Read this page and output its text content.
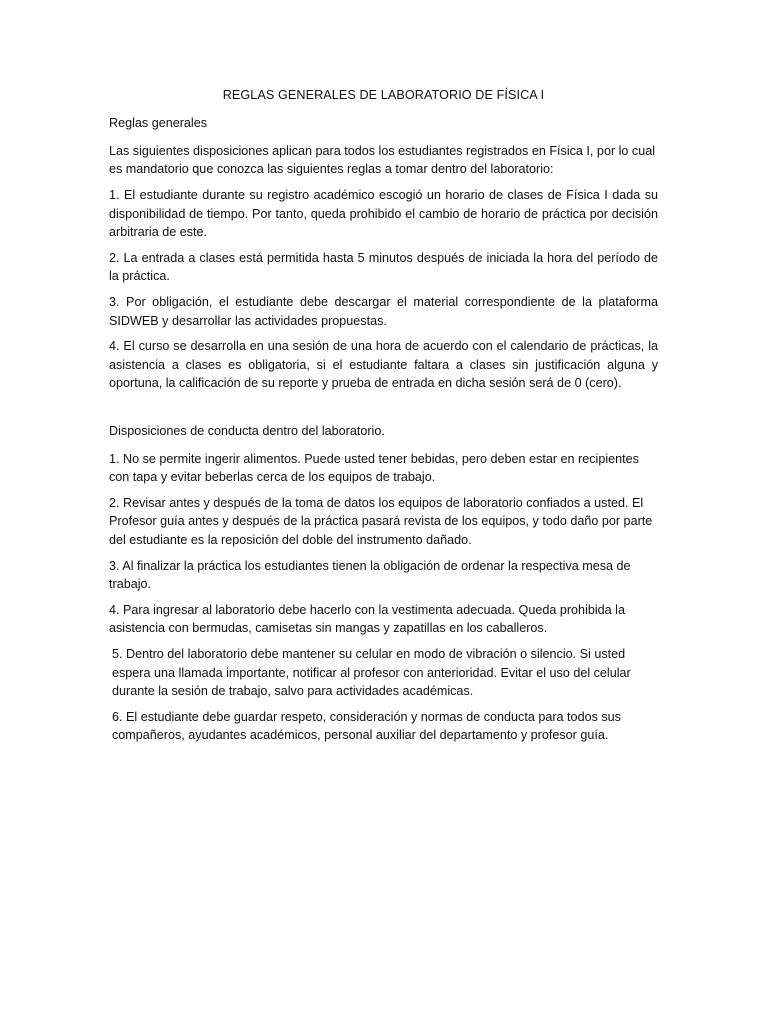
REGLAS GENERALES DE LABORATORIO DE FÍSICA I
Reglas generales

Las siguientes disposiciones aplican para todos los estudiantes registrados en Física I, por lo cual es mandatorio que conozca las siguientes reglas a tomar dentro del laboratorio:

1. El estudiante durante su registro académico escogió un horario de clases de Física I dada su disponibilidad de tiempo. Por tanto, queda prohibido el cambio de horario de práctica por decisión arbitraria de este.

2. La entrada a clases está permitida hasta 5 minutos después de iniciada la hora del período de la práctica.

3. Por obligación, el estudiante debe descargar el material correspondiente de la plataforma SIDWEB y desarrollar las actividades propuestas.

4. El curso se desarrolla en una sesión de una hora de acuerdo con el calendario de prácticas, la asistencia a clases es obligatoria, si el estudiante faltara a clases sin justificación alguna y oportuna, la calificación de su reporte y prueba de entrada en dicha sesión será de 0 (cero).

Disposiciones de conducta dentro del laboratorio.

1. No se permite ingerir alimentos. Puede usted tener bebidas, pero deben estar en recipientes con tapa y evitar beberlas cerca de los equipos de trabajo.

2. Revisar antes y después de la toma de datos los equipos de laboratorio confiados a usted. El Profesor guía antes y después de la práctica pasará revista de los equipos, y todo daño por parte del estudiante es la reposición del doble del instrumento dañado.

3. Al finalizar la práctica los estudiantes tienen la obligación de ordenar la respectiva mesa de trabajo.

4. Para ingresar al laboratorio debe hacerlo con la vestimenta adecuada. Queda prohibida la asistencia con bermudas, camisetas sin mangas y zapatillas en los caballeros.

5. Dentro del laboratorio debe mantener su celular en modo de vibración o silencio. Si usted espera una llamada importante, notificar al profesor con anterioridad. Evitar el uso del celular durante la sesión de trabajo, salvo para actividades académicas.

6. El estudiante debe guardar respeto, consideración y normas de conducta para todos sus compañeros, ayudantes académicos, personal auxiliar del departamento y profesor guía.
